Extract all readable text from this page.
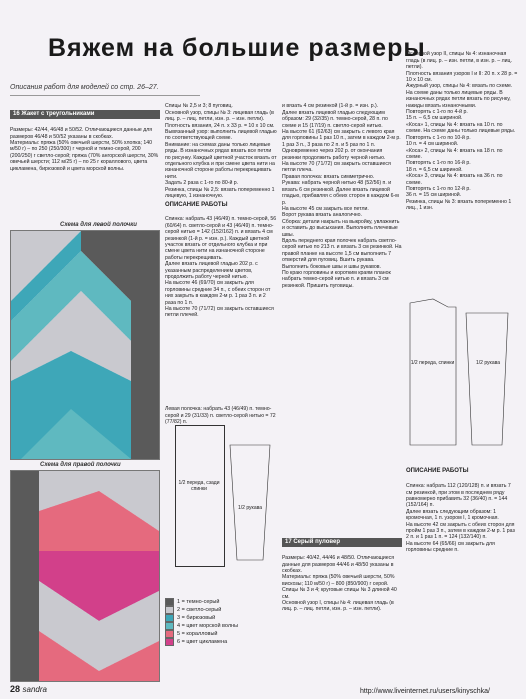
Вяжем на большие размеры
Описания работ для моделей со стр. 26–27.

16 Жакет с треугольниками

Размеры: 42/44, 46/48 и 50/52. Отличающиеся данные для размеров 46/48 и 50/52 указаны в скобках.
Материалы: пряжа (50% овечьей шерсти, 50% хлопка; 140 м/50 г) – по 250 (250/300) г черной и темно-серой, 200 (200/250) г светло-серой; пряжа (70% ангорской шерсти, 30% овечьей шерсти; 112 м/25 г) – по 25 г кораллового, цвета цикламена, бирюзовой и цвета морской волны.

Схема для левой полочки
Схема для правой полочки

Спицы № 2,5 и 3; 8 пуговиц.
Основной узор, спицы № 3: лицевая гладь (в лиц. р. – лиц. петли, изн. р. – изн. петли).
Плотность вязания, 24 п. х 33 р. = 10 х 10 см.
Вывязанный узор: выполнить лицевой гладью по соответствующей схеме.
Внимание: на схемах даны только лицевые ряды. В изнаночных рядах вязать все петли по рисунку. Каждый цветной участок вязать от отдельного клубка и при смене цвета нити на изнаночной стороне работы перекрещивать нити.
Задать 2 раза с 1-го по 80-й р.
Резинка, спицы № 2,5: вязать попеременно 1 лицевую, 1 изнаночную.

ОПИСАНИЕ РАБОТЫ

Спинка: набрать 43 (46/49) п. темно-серой, 56 (60/64) п. светло-серой и 43 (46/49) п. темно-серой нитью = 142 (152/162) п. и вязать 4 см резинкой (1-й р. = изн. р.). Каждый цветной участок вязать от отдельного клубка и при смене цвета нити на изнаночной стороне работы перекрещивать.
Далее вязать лицевой гладью 202 р. с указанным распределением цветов, продолжить работу черной нитью.
На высоте 46 (69/70) см закрыть для горловины средние 34 п., с обеих сторон от них закрыть в каждом 2-м р. 1 раз 3 п. и 2 раза по 1 п.
На высоте 70 (71/72) см закрыть оставшиеся петли плечей.

Левая полочка: набрать 43 (46/49) п. темно-серой и 29 (31/33) п. светло-серой нитью = 72 (77/82) п.

1/2 переда, сзади спинки
1/2 рукава
1 = темно-серый
2 = светло-серый
3 = бирюзовый
4 = цвет морской волны
5 = коралловый
6 = цвет цикламена

и вязать 4 см резинкой (1-й р. = изн. р.).
Далее вязать лицевой гладью следующим образом: 29 (32/35) п. темно-серой, 28 п. по схеме и 15 (17/19) п. светло-серой нитью.
На высоте 61 (62/63) см закрыть с левого края для горловины 1 раз 10 п., затем в каждом 2-м р. 1 раз 3 п., 3 раза по 2 п. и 5 раз по 1 п.
Одновременно через 202 р. от окончания резинки продолжить работу черной нитью.
На высоте 70 (71/72) см закрыть оставшиеся петли плеча.
Правая полочка: вязать симметрично.
Рукава: набрать черной нитью 48 (52/56) п. и вязать 6 см резинкой. Далее вязать лицевой гладью, прибавляя с обеих сторон в каждом 6-м р.
На высоте 45 см закрыть все петли.
Ворот рукава вязать аналогично.
Сборка: детали накрыть на выкройку, увлажнить и оставить до высыхания. Выполнить плечевые швы.
Вдоль переднего края полочек набрать светло-серой нитью по 213 п. и вязать 3 см резинкой. На правой планке на высоте 1,5 см выполнить 7 отверстий для пуговиц. Вшить рукава. Выполнить боковые швы и швы рукавов.
По краю горловины и коротким краям планок набрать темно-серой нитью п. и вязать 3 см резинкой. Пришить пуговицы.

17 Серый пуловер

Размеры: 40/42, 44/46 и 48/50. Отличающиеся данные для размеров 44/46 и 48/50 указаны в скобках.
Материалы: пряжа (50% овечьей шерсти, 50% вискозы; 110 м/50 г) – 800 (850/900) г серой.
Спицы № 3 и 4; круговые спицы № 3 длиной 40 см.
Основной узор I, спицы № 4: лицевая гладь (в лиц. р. – лиц. петли, изн. р. – изн. петли).

Основной узор II, спицы № 4: изнаночная гладь (в лиц. р. – изн. петли, в изн. р. – лиц. петли).
Плотность вязания узоров I и II: 20 п. х 28 р. = 10 х 10 см.
Ажурный узор, спицы № 4: вязать по схеме. На схеме даны только лицевые ряды. В изнаночных рядах петли вязать по рисунку, накиды вязать изнаночными.
Повторять с 1-го по 4-й р.
15 п. – 6,5 см шириной.
«Коса» 1, спицы № 4: вязать на 10 п. по схеме. На схеме даны только лицевые ряды.
Повторять с 1-го по 10-й р.
10 п. = 4 см шириной.
«Коса» 2, спицы № 4: вязать на 18 п. по схеме.
Повторять с 1-го по 16-й р.
18 п. = 6,5 см шириной.
«Коса» 3, спицы № 4: вязать на 36 п. по схеме.
Повторять с 1-го по 12-й р.
36 п. = 15 см шириной.
Резинка, спицы № 3: вязать попеременно 1 лиц., 1 изн.

1/2 переда, спинки	1/2 рукава

ОПИСАНИЕ РАБОТЫ

Спинка: набрать 112 (120/128) п. и вязать 7 см резинкой, при этом в последнем ряду равномерно прибавить 32 (36/40) п. = 144 (152/164) п.
Далее вязать следующим образом: 1 кромочная, 1 п. узором I, 1 кромочная.
На высоте 42 см закрыть с обеих сторон для пройм 1 раз 3 п., затем в каждом 2-м р. 1 раз 2 п. и 1 раз 1 п. = 124 (132/140) п.
На высоте 64 (65/66) см закрыть для горловины средние п.

28 sandra	http://www.liveinternet.ru/users/kinyschka/
